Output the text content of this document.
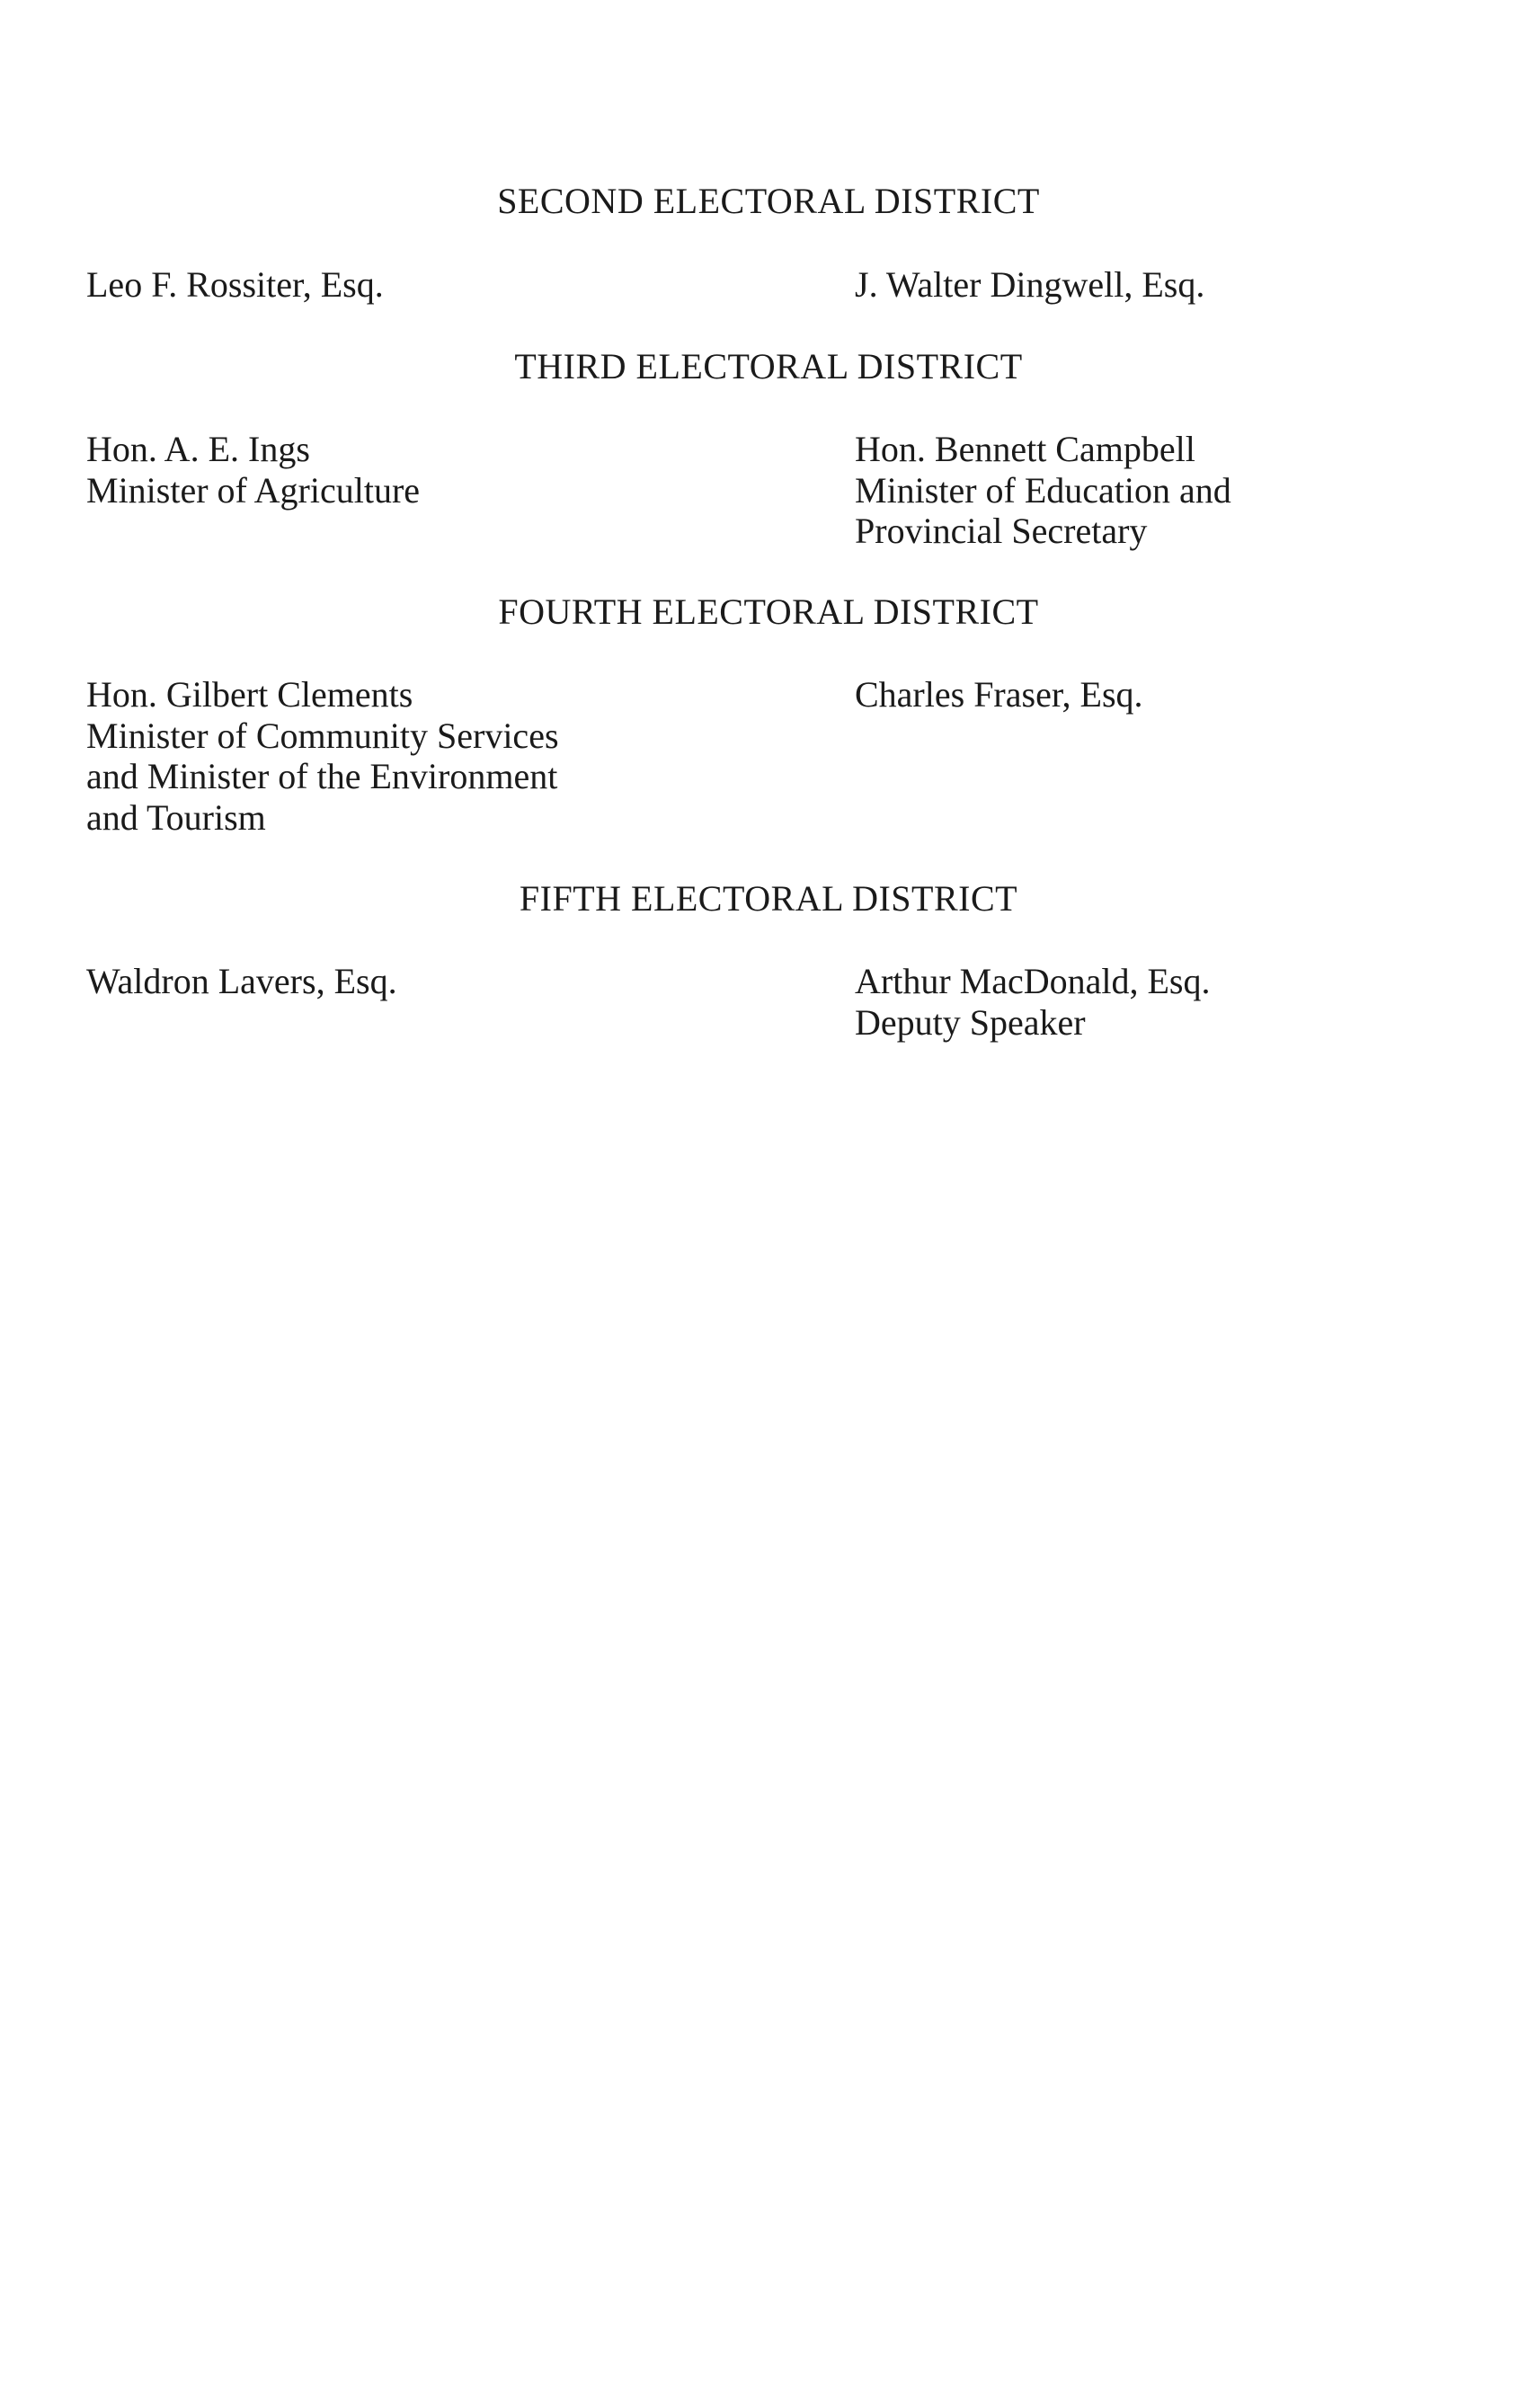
SECOND ELECTORAL DISTRICT
Leo F. Rossiter, Esq.	J. Walter Dingwell, Esq.
THIRD ELECTORAL DISTRICT
Hon. A. E. Ings
Minister of Agriculture
Hon. Bennett Campbell
Minister of Education and
Provincial Secretary
FOURTH ELECTORAL DISTRICT
Hon. Gilbert Clements
Minister of Community Services
and Minister of the Environment
and Tourism
Charles Fraser, Esq.
FIFTH ELECTORAL DISTRICT
Waldron Lavers, Esq.	Arthur MacDonald, Esq.
Deputy Speaker
